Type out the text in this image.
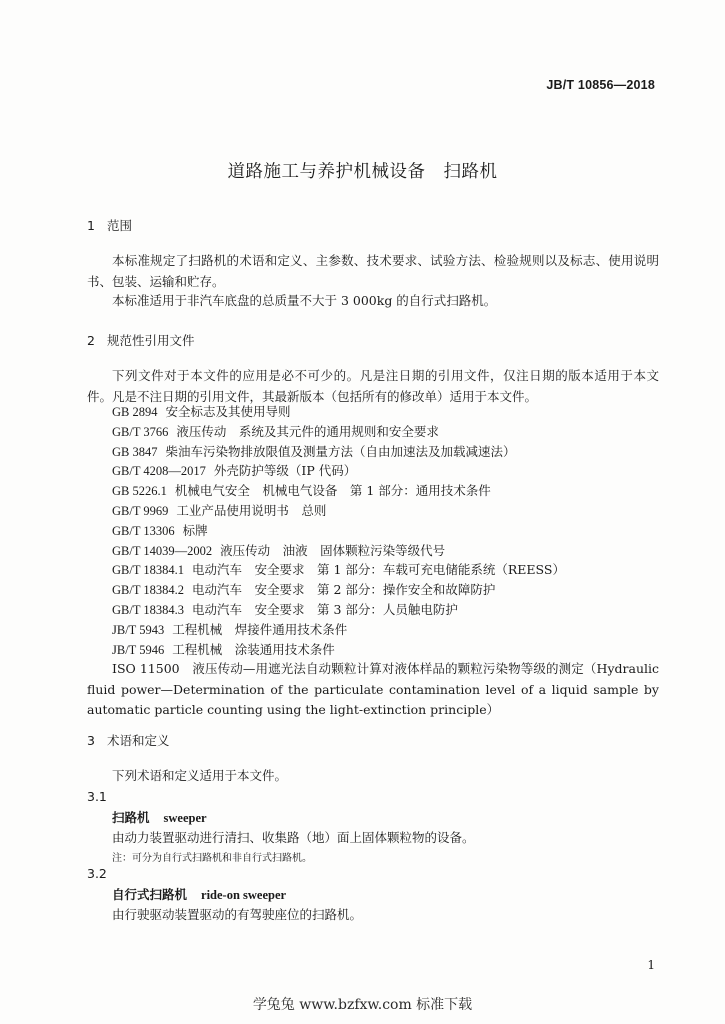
JB/T 10856—2018
道路施工与养护机械设备　扫路机
1 范围

本标准规定了扫路机的术语和定义、主参数、技术要求、试验方法、检验规则以及标志、使用说明书、包装、运输和贮存。

本标准适用于非汽车底盘的总质量不大于 3 000kg 的自行式扫路机。

2 规范性引用文件

下列文件对于本文件的应用是必不可少的。凡是注日期的引用文件，仅注日期的版本适用于本文件。凡是不注日期的引用文件，其最新版本（包括所有的修改单）适用于本文件。

GB 2894 安全标志及其使用导则
GB/T 3766 液压传动　系统及其元件的通用规则和安全要求
GB 3847 柴油车污染物排放限值及测量方法（自由加速法及加载减速法）
GB/T 4208—2017 外壳防护等级（IP 代码）
GB 5226.1 机械电气安全　机械电气设备　第 1 部分：通用技术条件
GB/T 9969 工业产品使用说明书　总则
GB/T 13306 标牌
GB/T 14039—2002 液压传动　油液　固体颗粒污染等级代号
GB/T 18384.1 电动汽车　安全要求　第 1 部分：车载可充电储能系统（REESS）
GB/T 18384.2 电动汽车　安全要求　第 2 部分：操作安全和故障防护
GB/T 18384.3 电动汽车　安全要求　第 3 部分：人员触电防护
JB/T 5943 工程机械　焊接件通用技术条件
JB/T 5946 工程机械　涂装通用技术条件

ISO 11500　液压传动—用遮光法自动颗粒计算对液体样品的颗粒污染物等级的测定（Hydraulic fluid power—Determination of the particulate contamination level of a liquid sample by automatic particle counting using the light-extinction principle）

3 术语和定义

下列术语和定义适用于本文件。

3.1
扫路机 sweeper
由动力装置驱动进行清扫、收集路（地）面上固体颗粒物的设备。
注：可分为自行式扫路机和非自行式扫路机。
3.2
自行式扫路机 ride-on sweeper
由行驶驱动装置驱动的有驾驶座位的扫路机。
1
学兔兔 www.bzfxw.com 标准下载
